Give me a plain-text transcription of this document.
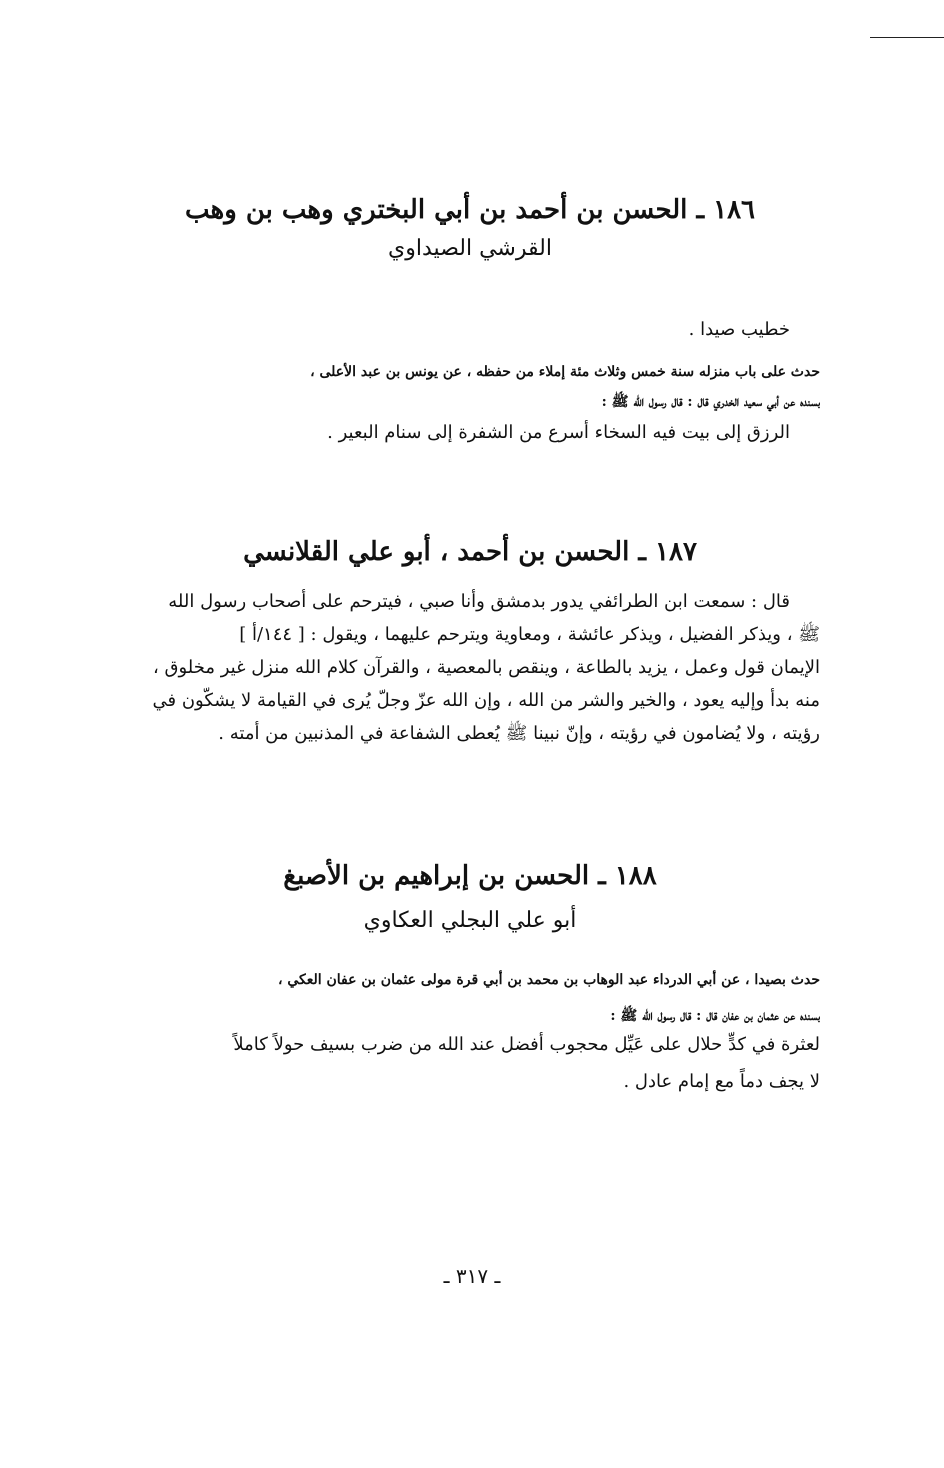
١٨٦ ـ الحسن بن أحمد بن أبي البختري وهب بن وهب

القرشي الصيداوي

خطيب صيدا .

حدث على باب منزله سنة خمس وثلاث مئة إملاء من حفظه ، عن يونس بن عبد الأعلى ،

بسنده عن أبي سعيد الخدري قال : قال رسول الله ﷺ :

الرزق إلى بيت فيه السخاء أسرع من الشفرة إلى سنام البعير .

١٨٧ ـ الحسن بن أحمد ، أبو علي القلانسي

قال : سمعت ابن الطرائفي يدور بدمشق وأنا صبي ، فيترحم على أصحاب رسول الله

ﷺ ، ويذكر الفضيل ، ويذكر عائشة ، ومعاوية ويترحم عليهما ، ويقول : [ ١٤٤/أ ]

الإيمان قول وعمل ، يزيد بالطاعة ، وينقص بالمعصية ، والقرآن كلام الله منزل غير مخلوق ،

منه بدأ وإليه يعود ، والخير والشر من الله ، وإن الله عزّ وجلّ يُرى في القيامة لا يشكّون في

رؤيته ، ولا يُضامون في رؤيته ، وإنّ نبينا ﷺ يُعطى الشفاعة في المذنبين من أمته .

١٨٨ ـ الحسن بن إبراهيم بن الأصبغ

أبو علي البجلي العكاوي

حدث بصيدا ، عن أبي الدرداء عبد الوهاب بن محمد بن أبي قرة مولى عثمان بن عفان العكي ،

بسنده عن عثمان بن عفان قال : قال رسول الله ﷺ :

لعثرة في كدٍّ حلال على عَيِّل محجوب أفضل عند الله من ضرب بسيف حولاً كاملاً

لا يجف دماً مع إمام عادل .

ـ ٣١٧ ـ
